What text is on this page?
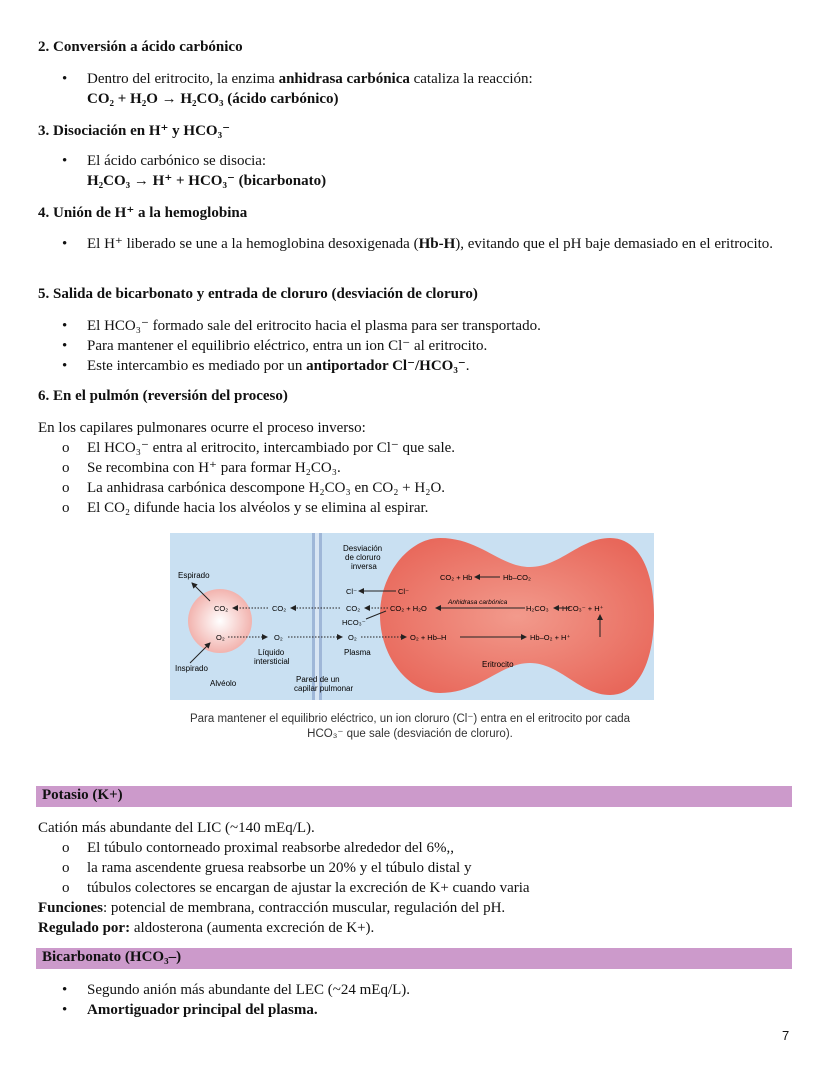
2. Conversión a ácido carbónico
• Dentro del eritrocito, la enzima anhidrasa carbónica cataliza la reacción:
CO₂ + H₂O → H₂CO₃ (ácido carbónico)
3. Disociación en H⁺ y HCO₃⁻
• El ácido carbónico se disocia:
H₂CO₃ → H⁺ + HCO₃⁻ (bicarbonato)
4. Unión de H⁺ a la hemoglobina
• El H⁺ liberado se une a la hemoglobina desoxigenada (Hb-H), evitando que el pH baje demasiado en el eritrocito.
5. Salida de bicarbonato y entrada de cloruro (desviación de cloruro)
• El HCO₃⁻ formado sale del eritrocito hacia el plasma para ser transportado.
• Para mantener el equilibrio eléctrico, entra un ion Cl⁻ al eritrocito.
• Este intercambio es mediado por un antiportador Cl⁻/HCO₃⁻.
6. En el pulmón (reversión del proceso)
En los capilares pulmonares ocurre el proceso inverso:
o El HCO₃⁻ entra al eritrocito, intercambiado por Cl⁻ que sale.
o Se recombina con H⁺ para formar H₂CO₃.
o La anhidrasa carbónica descompone H₂CO₃ en CO₂ + H₂O.
o El CO₂ difunde hacia los alvéolos y se elimina al espirar.
Espirado
Inspirado
Alvéolo
Líquido
intersticial
Pared de un
capilar pulmonar
Plasma
Eritrocito
Desviación
de cloruro
inversa
Anhidrasa carbónica
CO₂
O₂
CO₂
O₂
CO₂
HCO₃⁻
O₂
Cl⁻	Cl⁻
CO₂ + H₂O
CO₂ + Hb	Hb–CO₂
H₂CO₃ HCO₃⁻ + H⁺
O₂ + Hb–H	Hb–O₂ + H⁺
Para mantener el equilibrio eléctrico, un ion cloruro (Cl⁻) entra en el eritrocito por cada
HCO₃⁻ que sale (desviación de cloruro).
Potasio (K+)
Catión más abundante del LIC (~140 mEq/L).
o El túbulo contorneado proximal reabsorbe alrededor del 6%,,
o la rama ascendente gruesa reabsorbe un 20% y el túbulo distal y
o túbulos colectores se encargan de ajustar la excreción de K+ cuando varia
Funciones: potencial de membrana, contracción muscular, regulación del pH.
Regulado por: aldosterona (aumenta excreción de K+).
Bicarbonato (HCO₃–)
• Segundo anión más abundante del LEC (~24 mEq/L).
• Amortiguador principal del plasma.
7
